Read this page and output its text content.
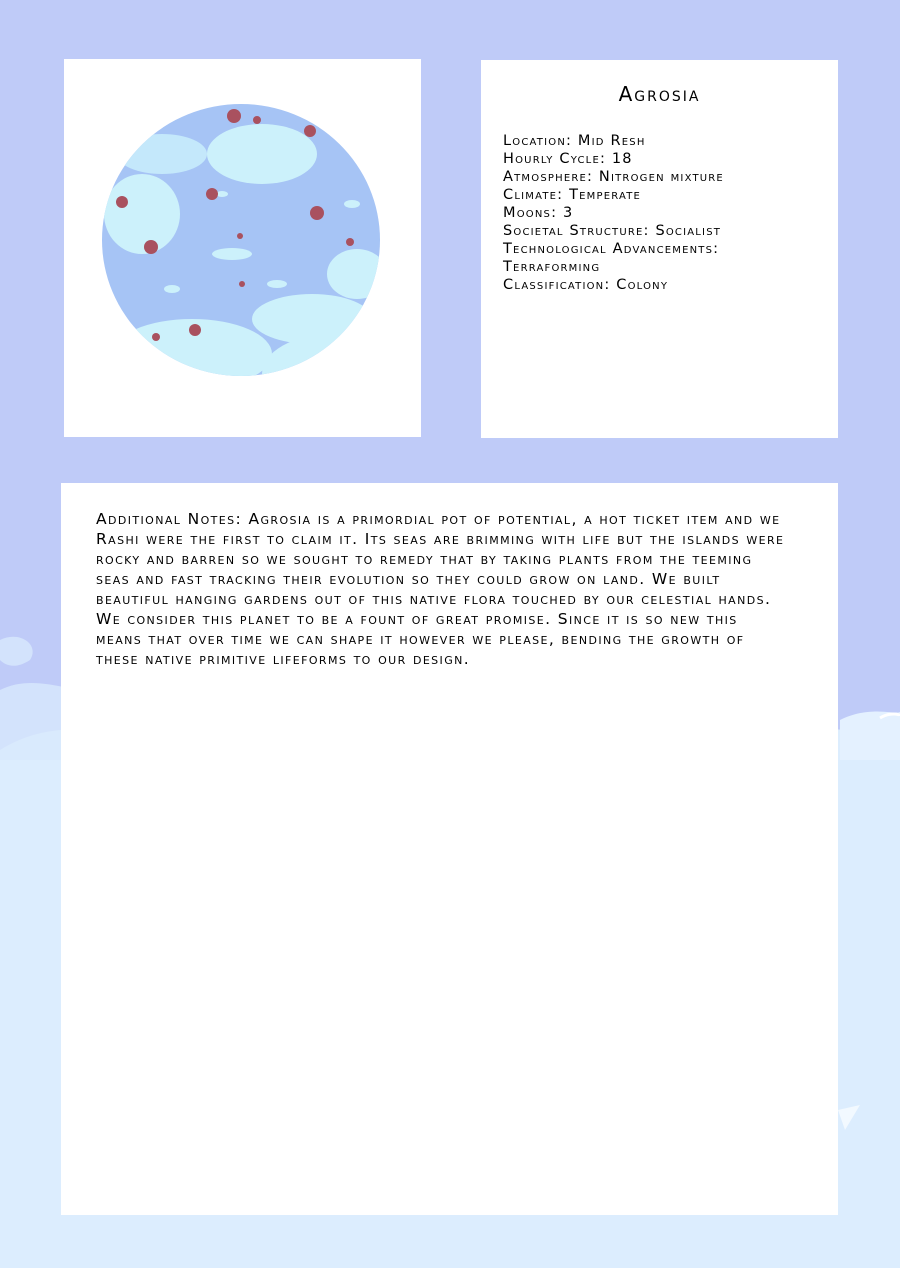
Agrosia
Location: Mid Resh
Hourly Cycle: 18
Atmosphere: Nitrogen mixture
Climate: Temperate
Moons: 3
Societal Structure: Socialist
Technological Advancements:
Terraforming
Classification: Colony
Additional Notes: Agrosia is a primordial pot of potential, a hot ticket item and we Rashi were the first to claim it. Its seas are brimming with life but the islands were rocky and barren so we sought to remedy that by taking plants from the teeming seas and fast tracking their evolution so they could grow on land. We built beautiful hanging gardens out of this native flora touched by our celestial hands. We consider this planet to be a fount of great promise. Since it is so new this means that over time we can shape it however we please, bending the growth of these native primitive lifeforms to our design.
